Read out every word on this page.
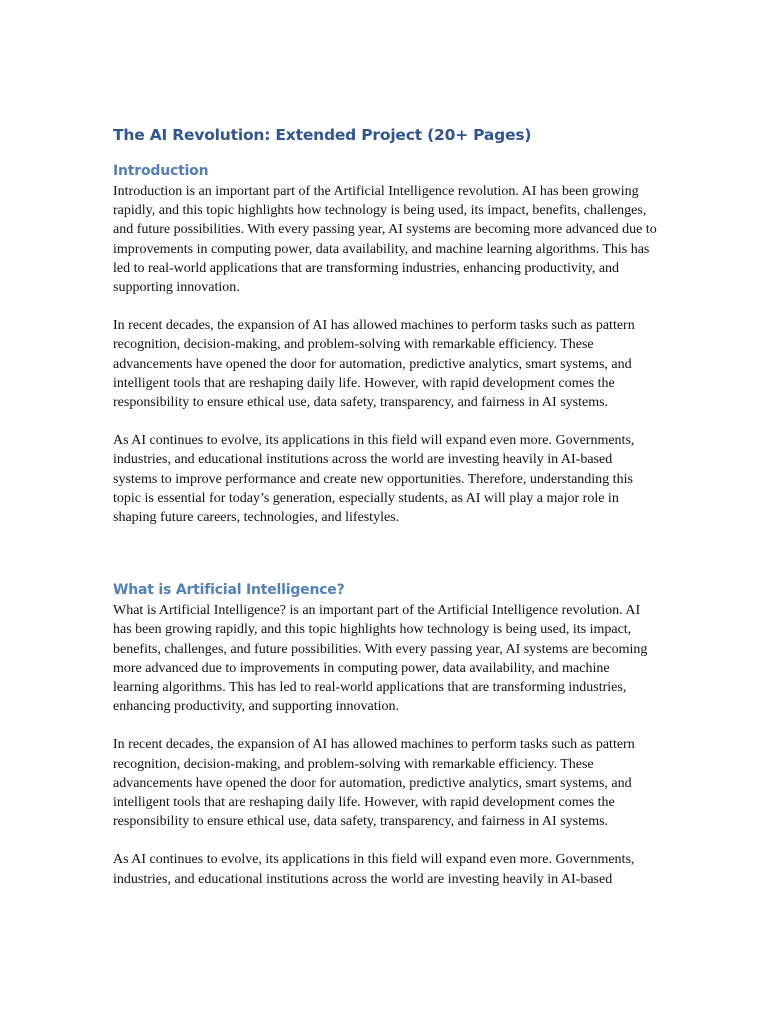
The AI Revolution: Extended Project (20+ Pages)
Introduction

Introduction is an important part of the Artificial Intelligence revolution. AI has been growing rapidly, and this topic highlights how technology is being used, its impact, benefits, challenges, and future possibilities. With every passing year, AI systems are becoming more advanced due to improvements in computing power, data availability, and machine learning algorithms. This has led to real-world applications that are transforming industries, enhancing productivity, and supporting innovation.

In recent decades, the expansion of AI has allowed machines to perform tasks such as pattern recognition, decision-making, and problem-solving with remarkable efficiency. These advancements have opened the door for automation, predictive analytics, smart systems, and intelligent tools that are reshaping daily life. However, with rapid development comes the responsibility to ensure ethical use, data safety, transparency, and fairness in AI systems.

As AI continues to evolve, its applications in this field will expand even more. Governments, industries, and educational institutions across the world are investing heavily in AI-based systems to improve performance and create new opportunities. Therefore, understanding this topic is essential for today’s generation, especially students, as AI will play a major role in shaping future careers, technologies, and lifestyles.

What is Artificial Intelligence?

What is Artificial Intelligence? is an important part of the Artificial Intelligence revolution. AI has been growing rapidly, and this topic highlights how technology is being used, its impact, benefits, challenges, and future possibilities. With every passing year, AI systems are becoming more advanced due to improvements in computing power, data availability, and machine learning algorithms. This has led to real-world applications that are transforming industries, enhancing productivity, and supporting innovation.

In recent decades, the expansion of AI has allowed machines to perform tasks such as pattern recognition, decision-making, and problem-solving with remarkable efficiency. These advancements have opened the door for automation, predictive analytics, smart systems, and intelligent tools that are reshaping daily life. However, with rapid development comes the responsibility to ensure ethical use, data safety, transparency, and fairness in AI systems.

As AI continues to evolve, its applications in this field will expand even more. Governments, industries, and educational institutions across the world are investing heavily in AI-based
